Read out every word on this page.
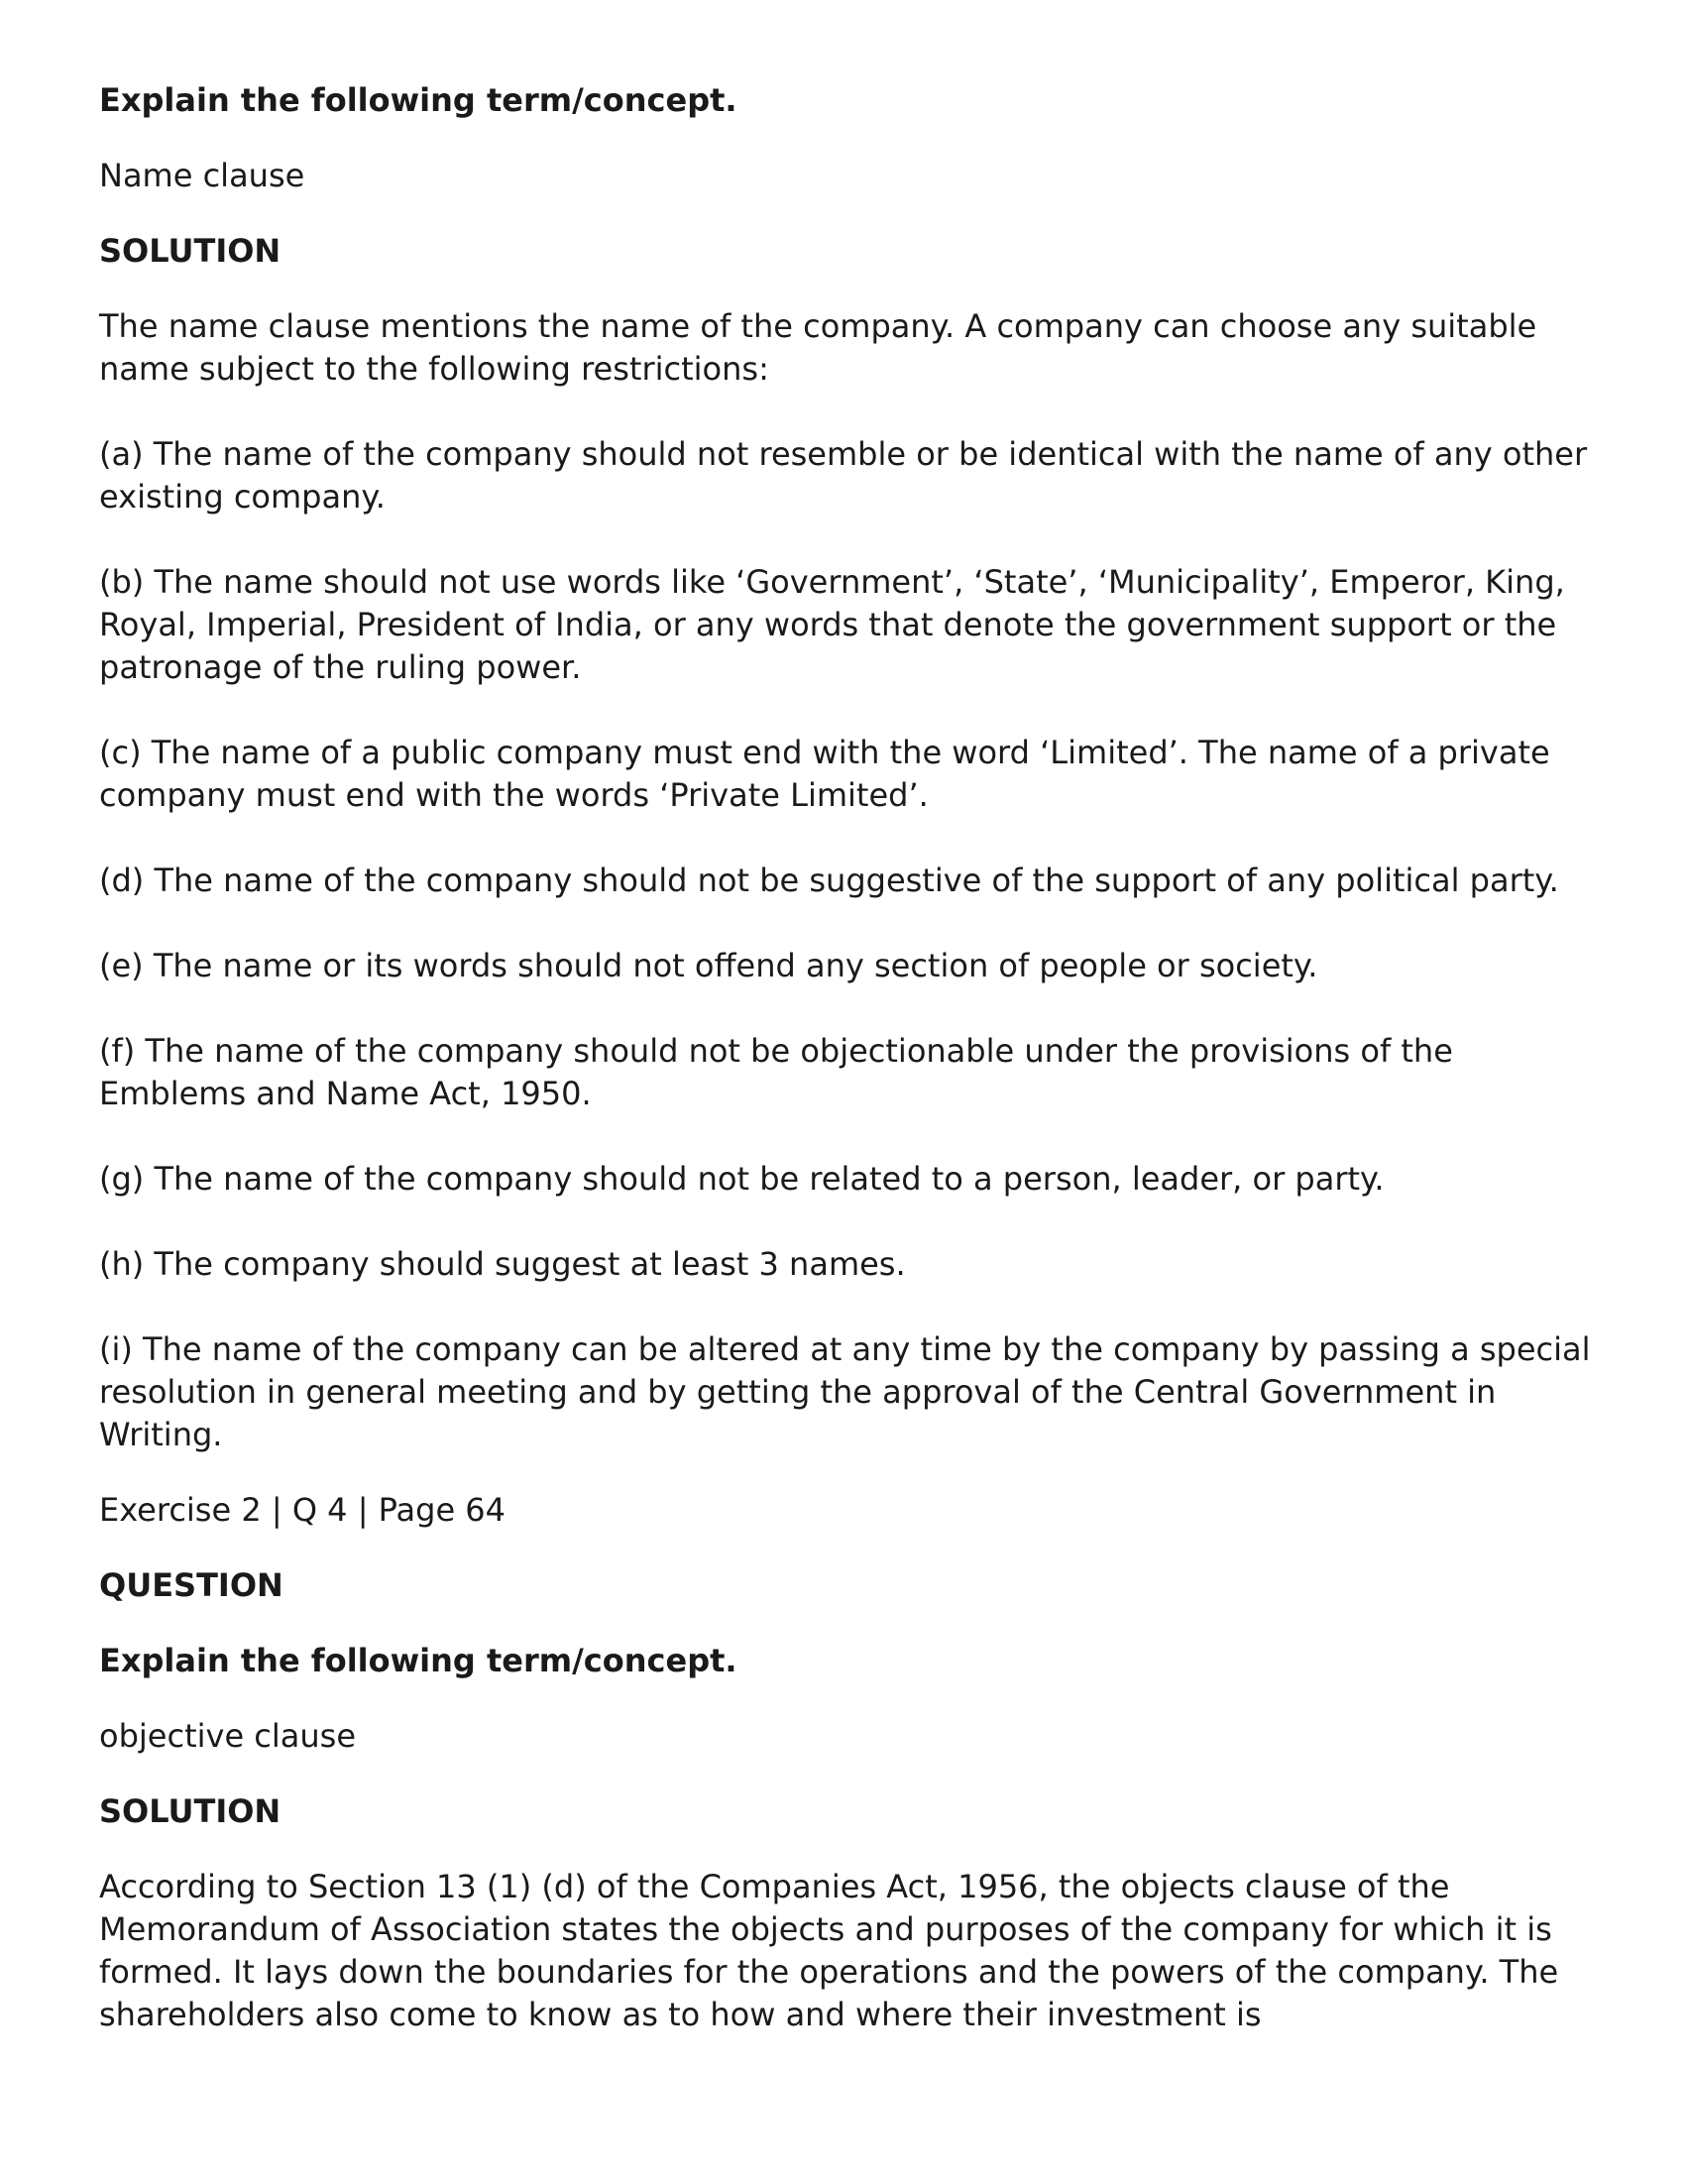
Explain the following term/concept.

Name clause

SOLUTION

The name clause mentions the name of the company. A company can choose any suitable name subject to the following restrictions:

(a) The name of the company should not resemble or be identical with the name of any other existing company.

(b) The name should not use words like ‘Government’, ‘State’, ‘Municipality’, Emperor, King, Royal, Imperial, President of India, or any words that denote the government support or the patronage of the ruling power.

(c) The name of a public company must end with the word ‘Limited’. The name of a private company must end with the words ‘Private Limited’.

(d) The name of the company should not be suggestive of the support of any political party.

(e) The name or its words should not offend any section of people or society.

(f) The name of the company should not be objectionable under the provisions of the Emblems and Name Act, 1950.

(g) The name of the company should not be related to a person, leader, or party.

(h) The company should suggest at least 3 names.

(i) The name of the company can be altered at any time by the company by passing a special resolution in general meeting and by getting the approval of the Central Government in Writing.

Exercise 2 | Q 4 | Page 64

QUESTION

Explain the following term/concept.

objective clause

SOLUTION

According to Section 13 (1) (d) of the Companies Act, 1956, the objects clause of the Memorandum of Association states the objects and purposes of the company for which it is formed. It lays down the boundaries for the operations and the powers of the company. The shareholders also come to know as to how and where their investment is
